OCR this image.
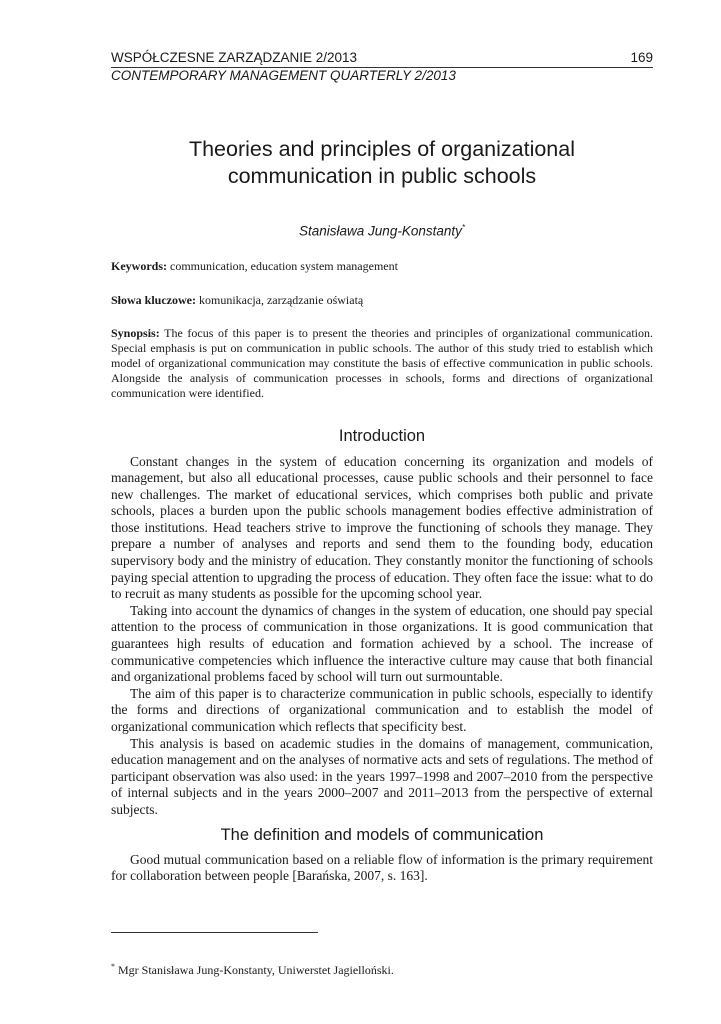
WSPÓŁCZESNE ZARZĄDZANIE 2/2013	169
CONTEMPORARY MANAGEMENT QUARTERLY 2/2013
Theories and principles of organizational communication in public schools
Stanisława Jung-Konstanty*
Keywords: communication, education system management
Słowa kluczowe: komunikacja, zarządzanie oświatą
Synopsis: The focus of this paper is to present the theories and principles of organizational communication. Special emphasis is put on communication in public schools. The author of this study tried to establish which model of organizational communication may constitute the basis of effective communication in public schools. Alongside the analysis of communication processes in schools, forms and directions of organizational communication were identified.
Introduction

Constant changes in the system of education concerning its organization and models of management, but also all educational processes, cause public schools and their personnel to face new challenges. The market of educational services, which comprises both public and private schools, places a burden upon the public schools management bodies effective administration of those institutions. Head teachers strive to improve the functioning of schools they manage. They prepare a number of analyses and reports and send them to the founding body, education supervisory body and the ministry of education. They constantly monitor the functioning of schools paying special attention to upgrading the process of education. They often face the issue: what to do to recruit as many students as possible for the upcoming school year.

Taking into account the dynamics of changes in the system of education, one should pay special attention to the process of communication in those organizations. It is good communication that guarantees high results of education and formation achieved by a school. The increase of communicative competencies which influence the interactive culture may cause that both financial and organizational problems faced by school will turn out surmountable.

The aim of this paper is to characterize communication in public schools, especially to identify the forms and directions of organizational communication and to establish the model of organizational communication which reflects that specificity best.

This analysis is based on academic studies in the domains of management, communication, education management and on the analyses of normative acts and sets of regulations. The method of participant observation was also used: in the years 1997–1998 and 2007–2010 from the perspective of internal subjects and in the years 2000–2007 and 2011–2013 from the perspective of external subjects.

The definition and models of communication

Good mutual communication based on a reliable flow of information is the primary requirement for collaboration between people [Barańska, 2007, s. 163].

* Mgr Stanisława Jung-Konstanty, Uniwerstet Jagielloński.
